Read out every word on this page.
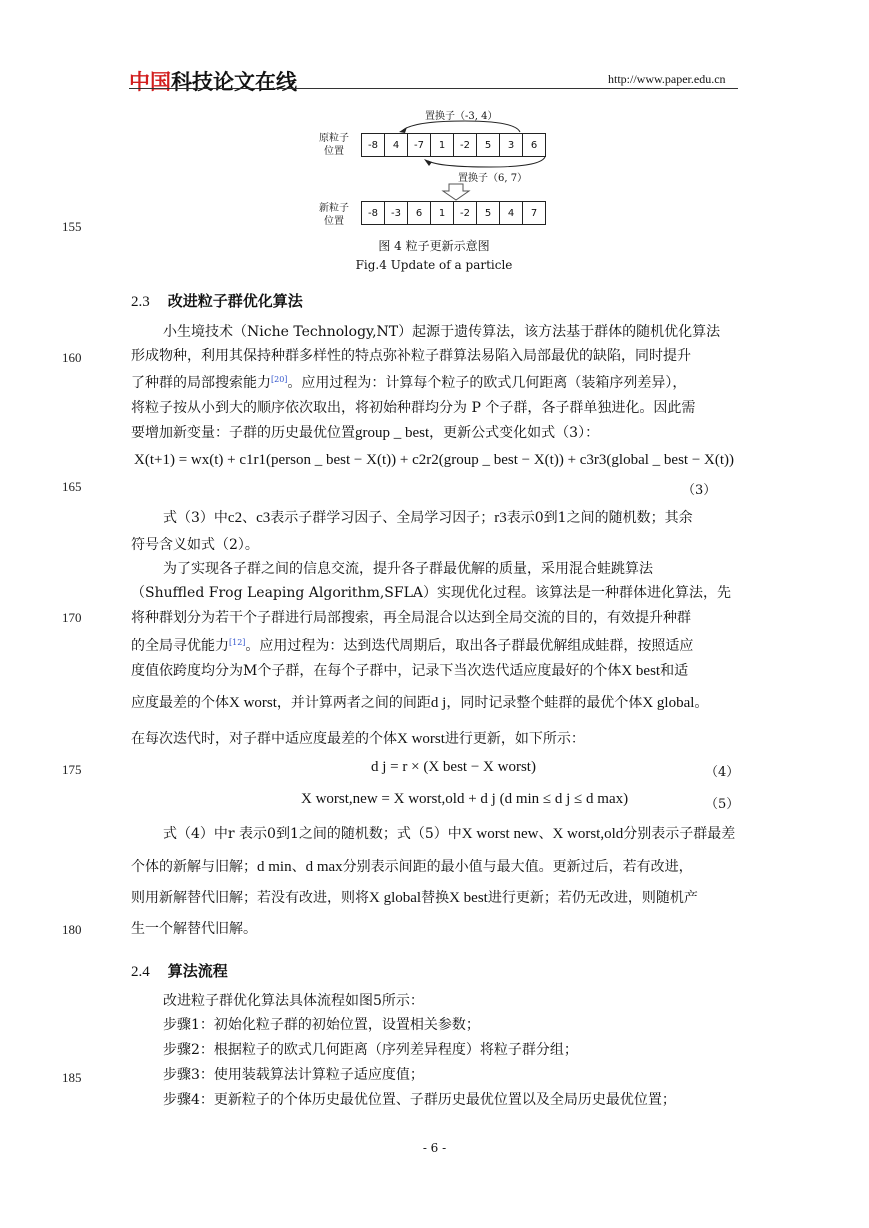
中国科技论文在线	http://www.paper.edu.cn
置换子（-3, 4）
原粒子
位置
-8	4	-7	1	-2	5	3	6
置换子（6, 7）
新粒子
位置
-8	-3	6	1	-2	5	4	7
图 4 粒子更新示意图
Fig.4 Update of a particle
155
160
165
170
175
180
185
2.3 改进粒子群优化算法
小生境技术（Niche Technology,NT）起源于遗传算法，该方法基于群体的随机优化算法
形成物种，利用其保持种群多样性的特点弥补粒子群算法易陷入局部最优的缺陷，同时提升
了种群的局部搜索能力[20]。应用过程为：计算每个粒子的欧式几何距离（装箱序列差异），
将粒子按从小到大的顺序依次取出，将初始种群均分为 P 个子群，各子群单独进化。因此需
要增加新变量：子群的历史最优位置group _ best，更新公式变化如式（3）：
X(t+1) = wx(t) + c1r1(person _ best − X(t)) + c2r2(group _ best − X(t)) + c3r3(global _ best − X(t))
（3）
式（3）中c2、c3表示子群学习因子、全局学习因子；r3表示0到1之间的随机数；其余
符号含义如式（2）。
为了实现各子群之间的信息交流，提升各子群最优解的质量，采用混合蛙跳算法
（Shuffled Frog Leaping Algorithm,SFLA）实现优化过程。该算法是一种群体进化算法，先
将种群划分为若干个子群进行局部搜索，再全局混合以达到全局交流的目的，有效提升种群
的全局寻优能力[12]。应用过程为：达到迭代周期后，取出各子群最优解组成蛙群，按照适应
度值依跨度均分为M个子群，在每个子群中，记录下当次迭代适应度最好的个体X best和适
应度最差的个体X worst，并计算两者之间的间距d j，同时记录整个蛙群的最优个体X global。
在每次迭代时，对子群中适应度最差的个体X worst进行更新，如下所示：
d j = r × (X best − X worst)	（4）
X worst,new = X worst,old + d j (d min ≤ d j ≤ d max)	（5）
式（4）中r 表示0到1之间的随机数；式（5）中X worst new、X worst,old分别表示子群最差
个体的新解与旧解；d min、d max分别表示间距的最小值与最大值。更新过后，若有改进，
则用新解替代旧解；若没有改进，则将X global替换X best进行更新；若仍无改进，则随机产
生一个解替代旧解。
2.4 算法流程
改进粒子群优化算法具体流程如图5所示：
步骤1：初始化粒子群的初始位置，设置相关参数；
步骤2：根据粒子的欧式几何距离（序列差异程度）将粒子群分组；
步骤3：使用装载算法计算粒子适应度值；
步骤4：更新粒子的个体历史最优位置、子群历史最优位置以及全局历史最优位置；
- 6 -
